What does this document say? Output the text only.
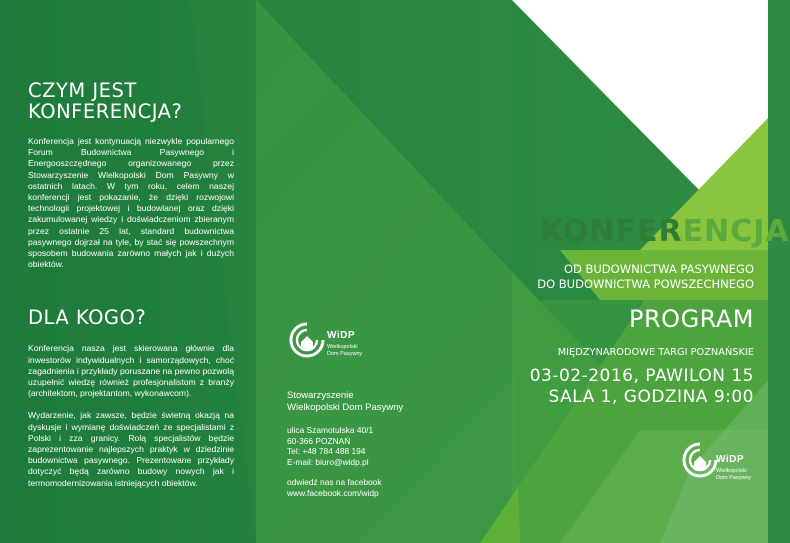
CZYM JEST
KONFERENCJA?

Konferencja jest kontynuacją niezwykle popularnego Forum Budownictwa Pasywnego i Energooszczędnego organizowanego przez Stowarzyszenie Wielkopolski Dom Pasywny w ostatnich latach. W tym roku, celem naszej konferencji jest pokazanie, że dzięki rozwojowi technologii projektowej i budowlanej oraz dzięki zakumulowanej wiedzy i doświadczeniom zbieranym przez ostatnie 25 lat, standard budownictwa pasywnego dojrzał na tyle, by stać się powszechnym sposobem budowania zarówno małych jak i dużych obiektów.

DLA KOGO?

Konferencja nasza jest skierowana głównie dla inwestorów indywidualnych i samorządowych, choć zagadnienia i przykłady poruszane na pewno pozwolą uzupełnić wiedzę również profesjonalistom z branży (architektom, projektantom, wykonawcom).

Wydarzenie, jak zawsze, będzie świetną okazją na dyskusje i wymianę doświadczeń ze specjalistami z Polski i zza granicy. Rolą specjalistów będzie zaprezentowanie najlepszych praktyk w dziedzinie budownictwa pasywnego. Prezentowane przykłady dotyczyć będą zarówno budowy nowych jak i termomodernizowania istniejących obiektów.

WiDP
Wielkopolski
Dom Pasywny
Stowarzyszenie
Wielkopolski Dom Pasywny
ulica Szamotulska 40/1
60-366 POZNAŃ
Tel: +48 784 488 194
E-mail: biuro@widp.pl
odwiedź nas na facebook
www.facebook.com/widp
KONFERENCJA
OD BUDOWNICTWA PASYWNEGO
DO BUDOWNICTWA POWSZECHNEGO
PROGRAM
MIĘDZYNARODOWE TARGI POZNAŃSKIE
03-02-2016, PAWILON 15
SALA 1, GODZINA 9:00
WiDP
Wielkopolski
Dom Pasywny
